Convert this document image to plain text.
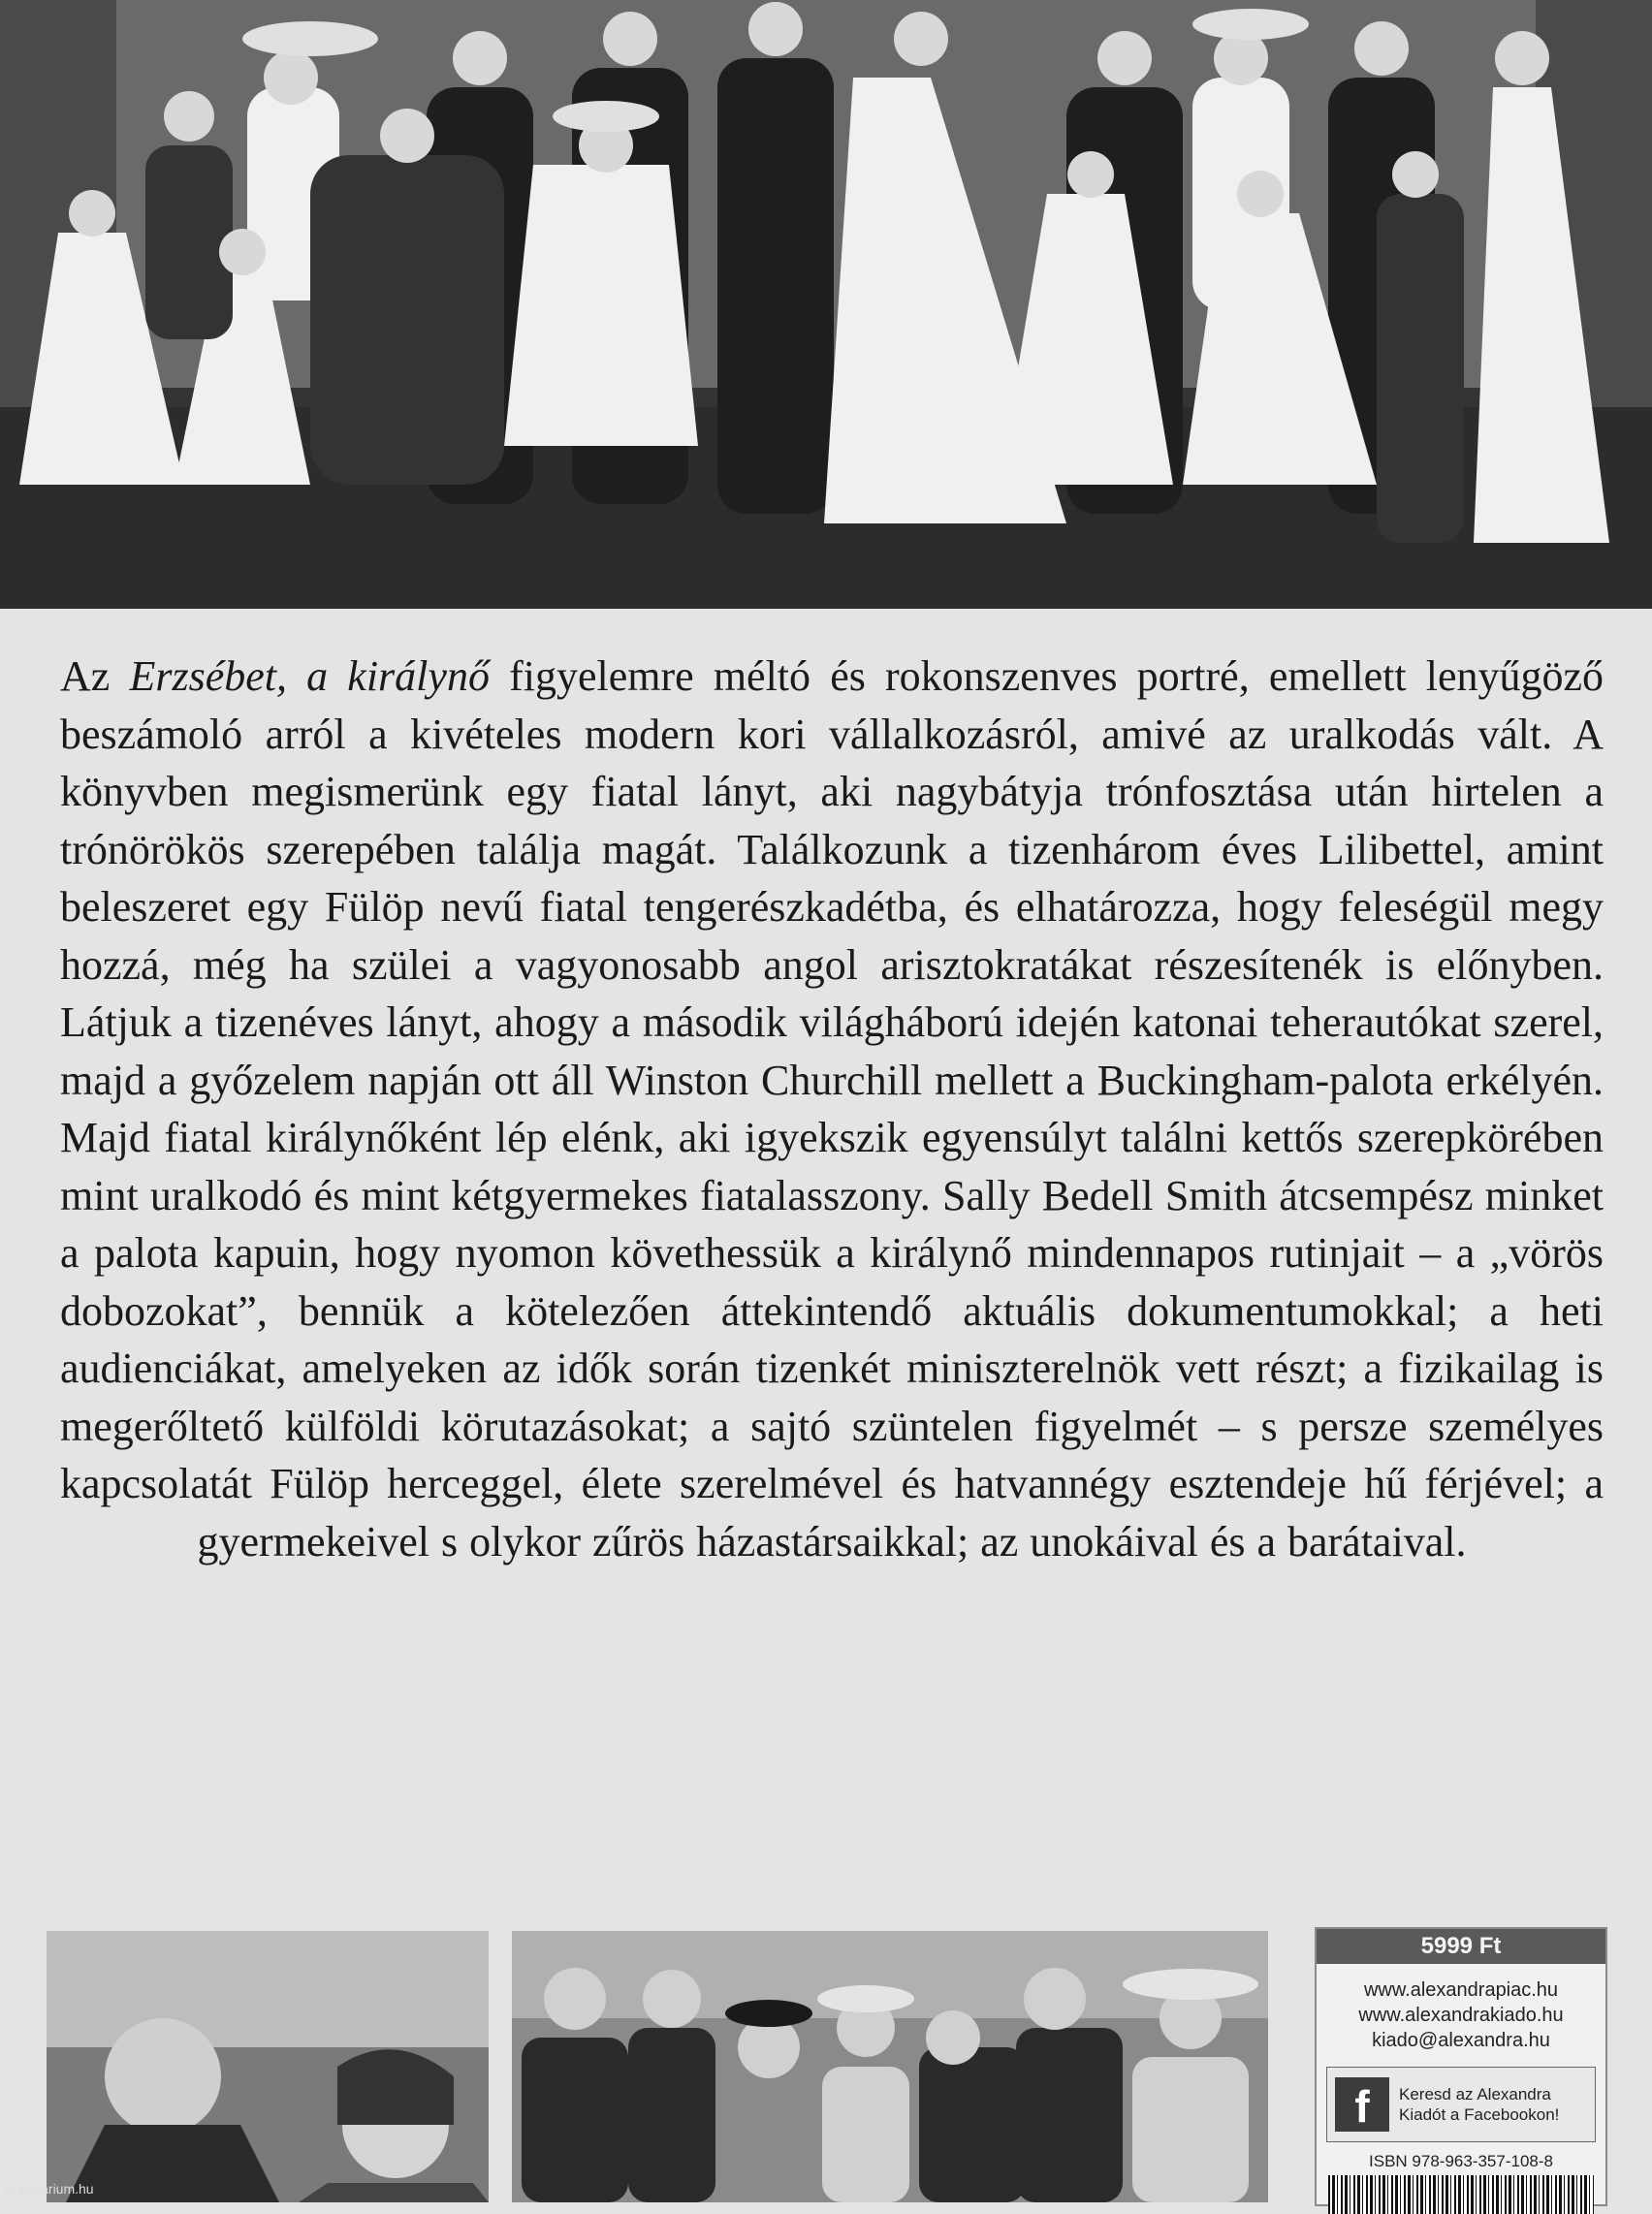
Az Erzsébet, a királynő figyelemre méltó és rokonszenves portré, emellett lenyűgöző beszámoló arról a kivételes modern kori vállalkozásról, amivé az uralkodás vált. A könyvben megismerünk egy fiatal lányt, aki nagybátyja trónfosztása után hirtelen a trónörökös szerepében találja magát. Találkozunk a tizenhárom éves Lilibettel, amint beleszeret egy Fülöp nevű fiatal tengerészkadétba, és elhatározza, hogy feleségül megy hozzá, még ha szülei a vagyonosabb angol arisztokratákat részesítenék is előnyben. Látjuk a tizenéves lányt, ahogy a második világháború idején katonai teherautókat szerel, majd a győzelem napján ott áll Winston Churchill mellett a Buckingham-palota erkélyén. Majd fiatal királynőként lép elénk, aki igyekszik egyensúlyt találni kettős szerepkörében mint uralkodó és mint kétgyermekes fiatalasszony. Sally Bedell Smith átcsempész minket a palota kapuin, hogy nyomon követhessük a királynő mindennapos rutinjait – a „vörös dobozokat”, bennük a kötelezően áttekintendő aktuális dokumentumokkal; a heti audienciákat, amelyeken az idők során tizenkét miniszterelnök vett részt; a fizikailag is megerőltető külföldi körutazásokat; a sajtó szüntelen figyelmét – s persze személyes kapcsolatát Fülöp herceggel, élete szerelmével és hatvannégy esztendeje hű férjével; a gyermekeivel s olykor zűrös házastársaikkal; az unokáival és a barátaival.
5999 Ft
www.alexandrapiac.hu
www.alexandrakiado.hu
kiado@alexandra.hu
f	Keresd az Alexandra
Kiadót a Facebookon!
ISBN 978-963-357-108-8
Antikvárium.hu
